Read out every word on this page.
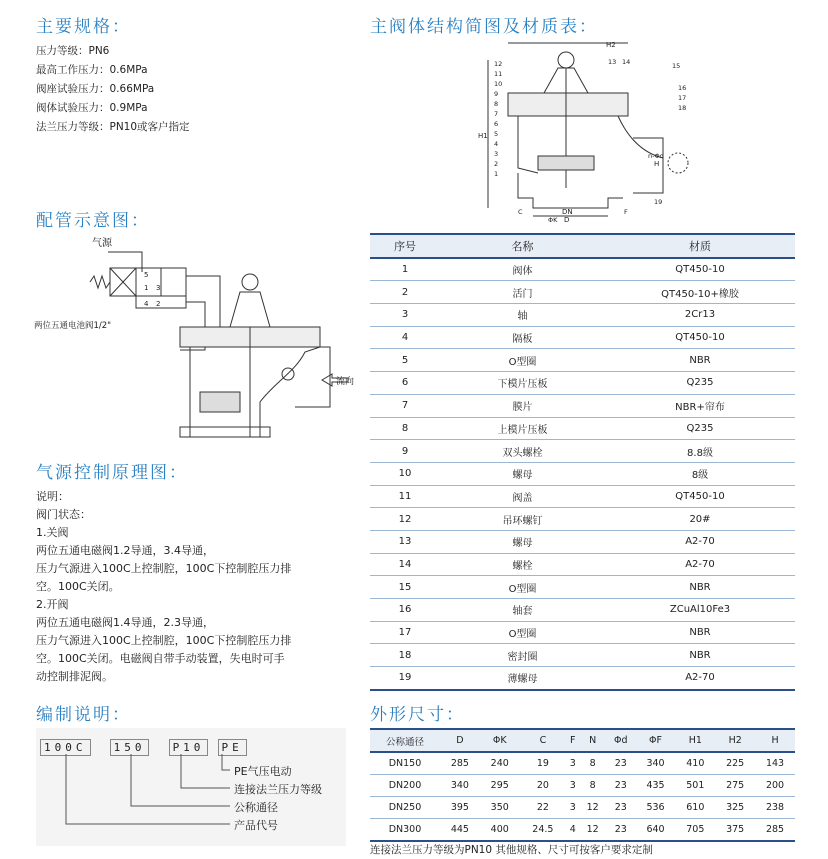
主要规格：
压力等级：PN6
最高工作压力：0.6MPa
阀座试验压力：0.66MPa
阀体试验压力：0.9MPa
法兰压力等级：PN10或客户指定
配管示意图：
气源
两位五通电池阀1/2"
流向
5
1 3
4 2
气源控制原理图：
说明：
阀门状态：
1.关阀
两位五通电磁阀1.2导通，3.4导通，
压力气源进入100C上控制腔，100C下控制腔压力排
空。100C关闭。
2.开阀
两位五通电磁阀1.4导通，2.3导通，
压力气源进入100C上控制腔，100C下控制腔压力排
空。100C关闭。电磁阀自带手动装置，失电时可手
动控制排泥阀。
编制说明：
100C 150 P10 PE
PE气压电动
连接法兰压力等级
公称通径
产品代号
主阀体结构简图及材质表：
H2
H1
H
DN
D
12
11
10
9
8
7
6
5
4
3
2
1
13 14	15
16
17
18
19
n-Φd
ΦK
C	F
序号	名称	材质
1	阀体	QT450-10
2	活门	QT450-10+橡胶
3	轴	2Cr13
4	隔板	QT450-10
5	O型圈	NBR
6	下模片压板	Q235
7	膜片	NBR+帘布
8	上模片压板	Q235
9	双头螺栓	8.8级
10	螺母	8级
11	阀盖	QT450-10
12	吊环螺钉	20#
13	螺母	A2-70
14	螺栓	A2-70
15	O型圈	NBR
16	轴套	ZCuAl10Fe3
17	O型圈	NBR
18	密封圈	NBR
19	薄螺母	A2-70
外形尺寸：
公称通径	D	ΦK	C	F	N	Φd	ΦF	H1	H2	H
DN150	285	240	19	3	8	23	340	410	225	143
DN200	340	295	20	3	8	23	435	501	275	200
DN250	395	350	22	3	12	23	536	610	325	238
DN300	445	400	24.5	4	12	23	640	705	375	285
连接法兰压力等级为PN10 其他规格、尺寸可按客户要求定制
